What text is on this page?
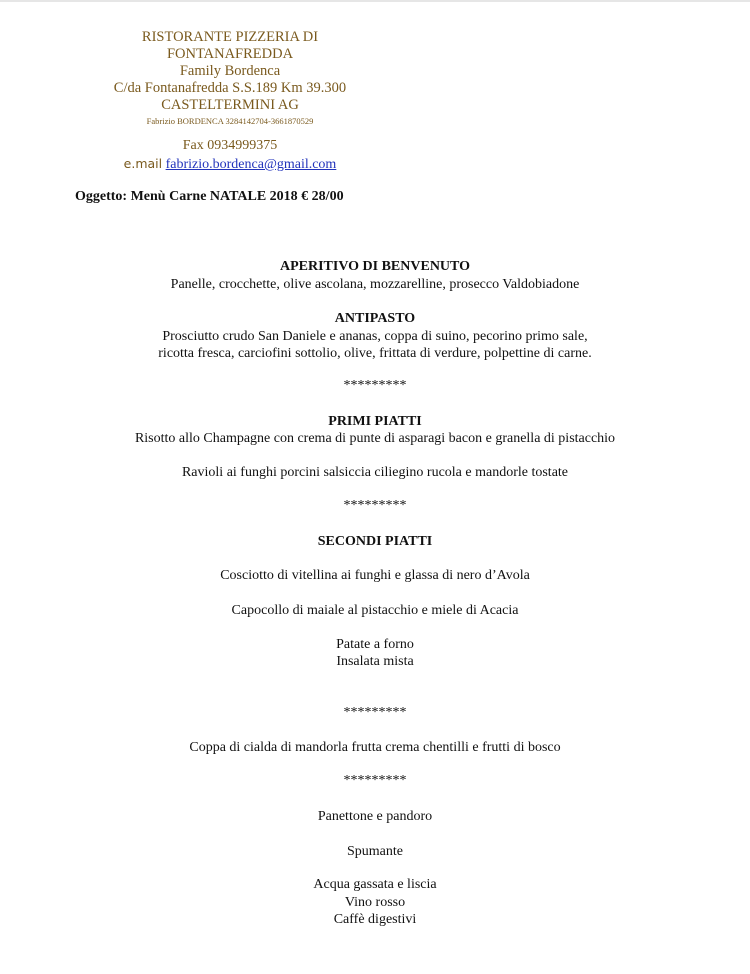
RISTORANTE PIZZERIA DI
FONTANAFREDDA
Family Bordenca
C/da Fontanafredda S.S.189 Km 39.300
CASTELTERMINI AG
Fabrizio BORDENCA 3284142704-3661870529
Fax 0934999375
e.mail fabrizio.bordenca@gmail.com
Oggetto: Menù Carne NATALE 2018 € 28/00
APERITIVO DI BENVENUTO
Panelle, crocchette, olive ascolana, mozzarelline, prosecco Valdobiadone
ANTIPASTO
Prosciutto crudo San Daniele e ananas, coppa di suino, pecorino primo sale,
ricotta fresca, carciofini sottolio, olive, frittata di verdure, polpettine di carne.
*********
PRIMI PIATTI
Risotto allo Champagne con crema di punte di asparagi bacon e granella di pistacchio
Ravioli ai funghi porcini salsiccia ciliegino rucola e mandorle tostate
*********
SECONDI PIATTI
Cosciotto di vitellina ai funghi e glassa di nero d’Avola
Capocollo di maiale al pistacchio e miele di Acacia
Patate a forno
Insalata mista
*********
Coppa di cialda di mandorla frutta crema chentilli e frutti di bosco
*********
Panettone e pandoro
Spumante
Acqua gassata e liscia
Vino rosso
Caffè digestivi
